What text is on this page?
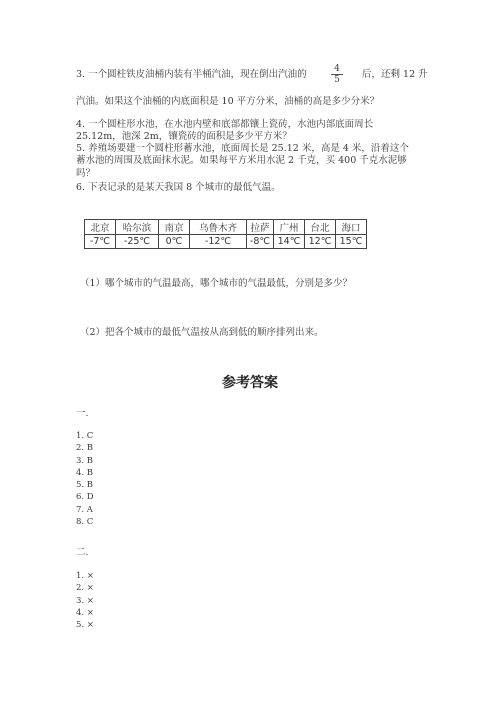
3. 一个圆柱铁皮油桶内装有半桶汽油，现在倒出汽油的	$\frac{4}{5}$ 后，还剩 12 升
汽油。如果这个油桶的内底面积是 10 平方分米，油桶的高是多少分米？
4. 一个圆柱形水池，在水池内壁和底部都镶上瓷砖，水池内部底面周长
25.12m，池深 2m，镶瓷砖的面积是多少平方米？
5. 养殖场要建一个圆柱形蓄水池，底面周长是 25.12 米，高是 4 米，沿着这个
蓄水池的周围及底面抹水泥。如果每平方米用水泥 2 千克，买 400 千克水泥够
吗？
6. 下表记录的是某天我国 8 个城市的最低气温。
北京	哈尔滨	南京	乌鲁木齐	拉萨	广州	台北	海口
-7℃	-25℃	0℃	-12℃	-8℃	14℃	12℃	15℃
（1）哪个城市的气温最高，哪个城市的气温最低，分别是多少？
（2）把各个城市的最低气温按从高到低的顺序排列出来。
参考答案
一.
1. C
2. B
3. B
4. B
5. B
6. D
7. A
8. C
二.
1. ×
2. ×
3. ×
4. ×
5. ×
